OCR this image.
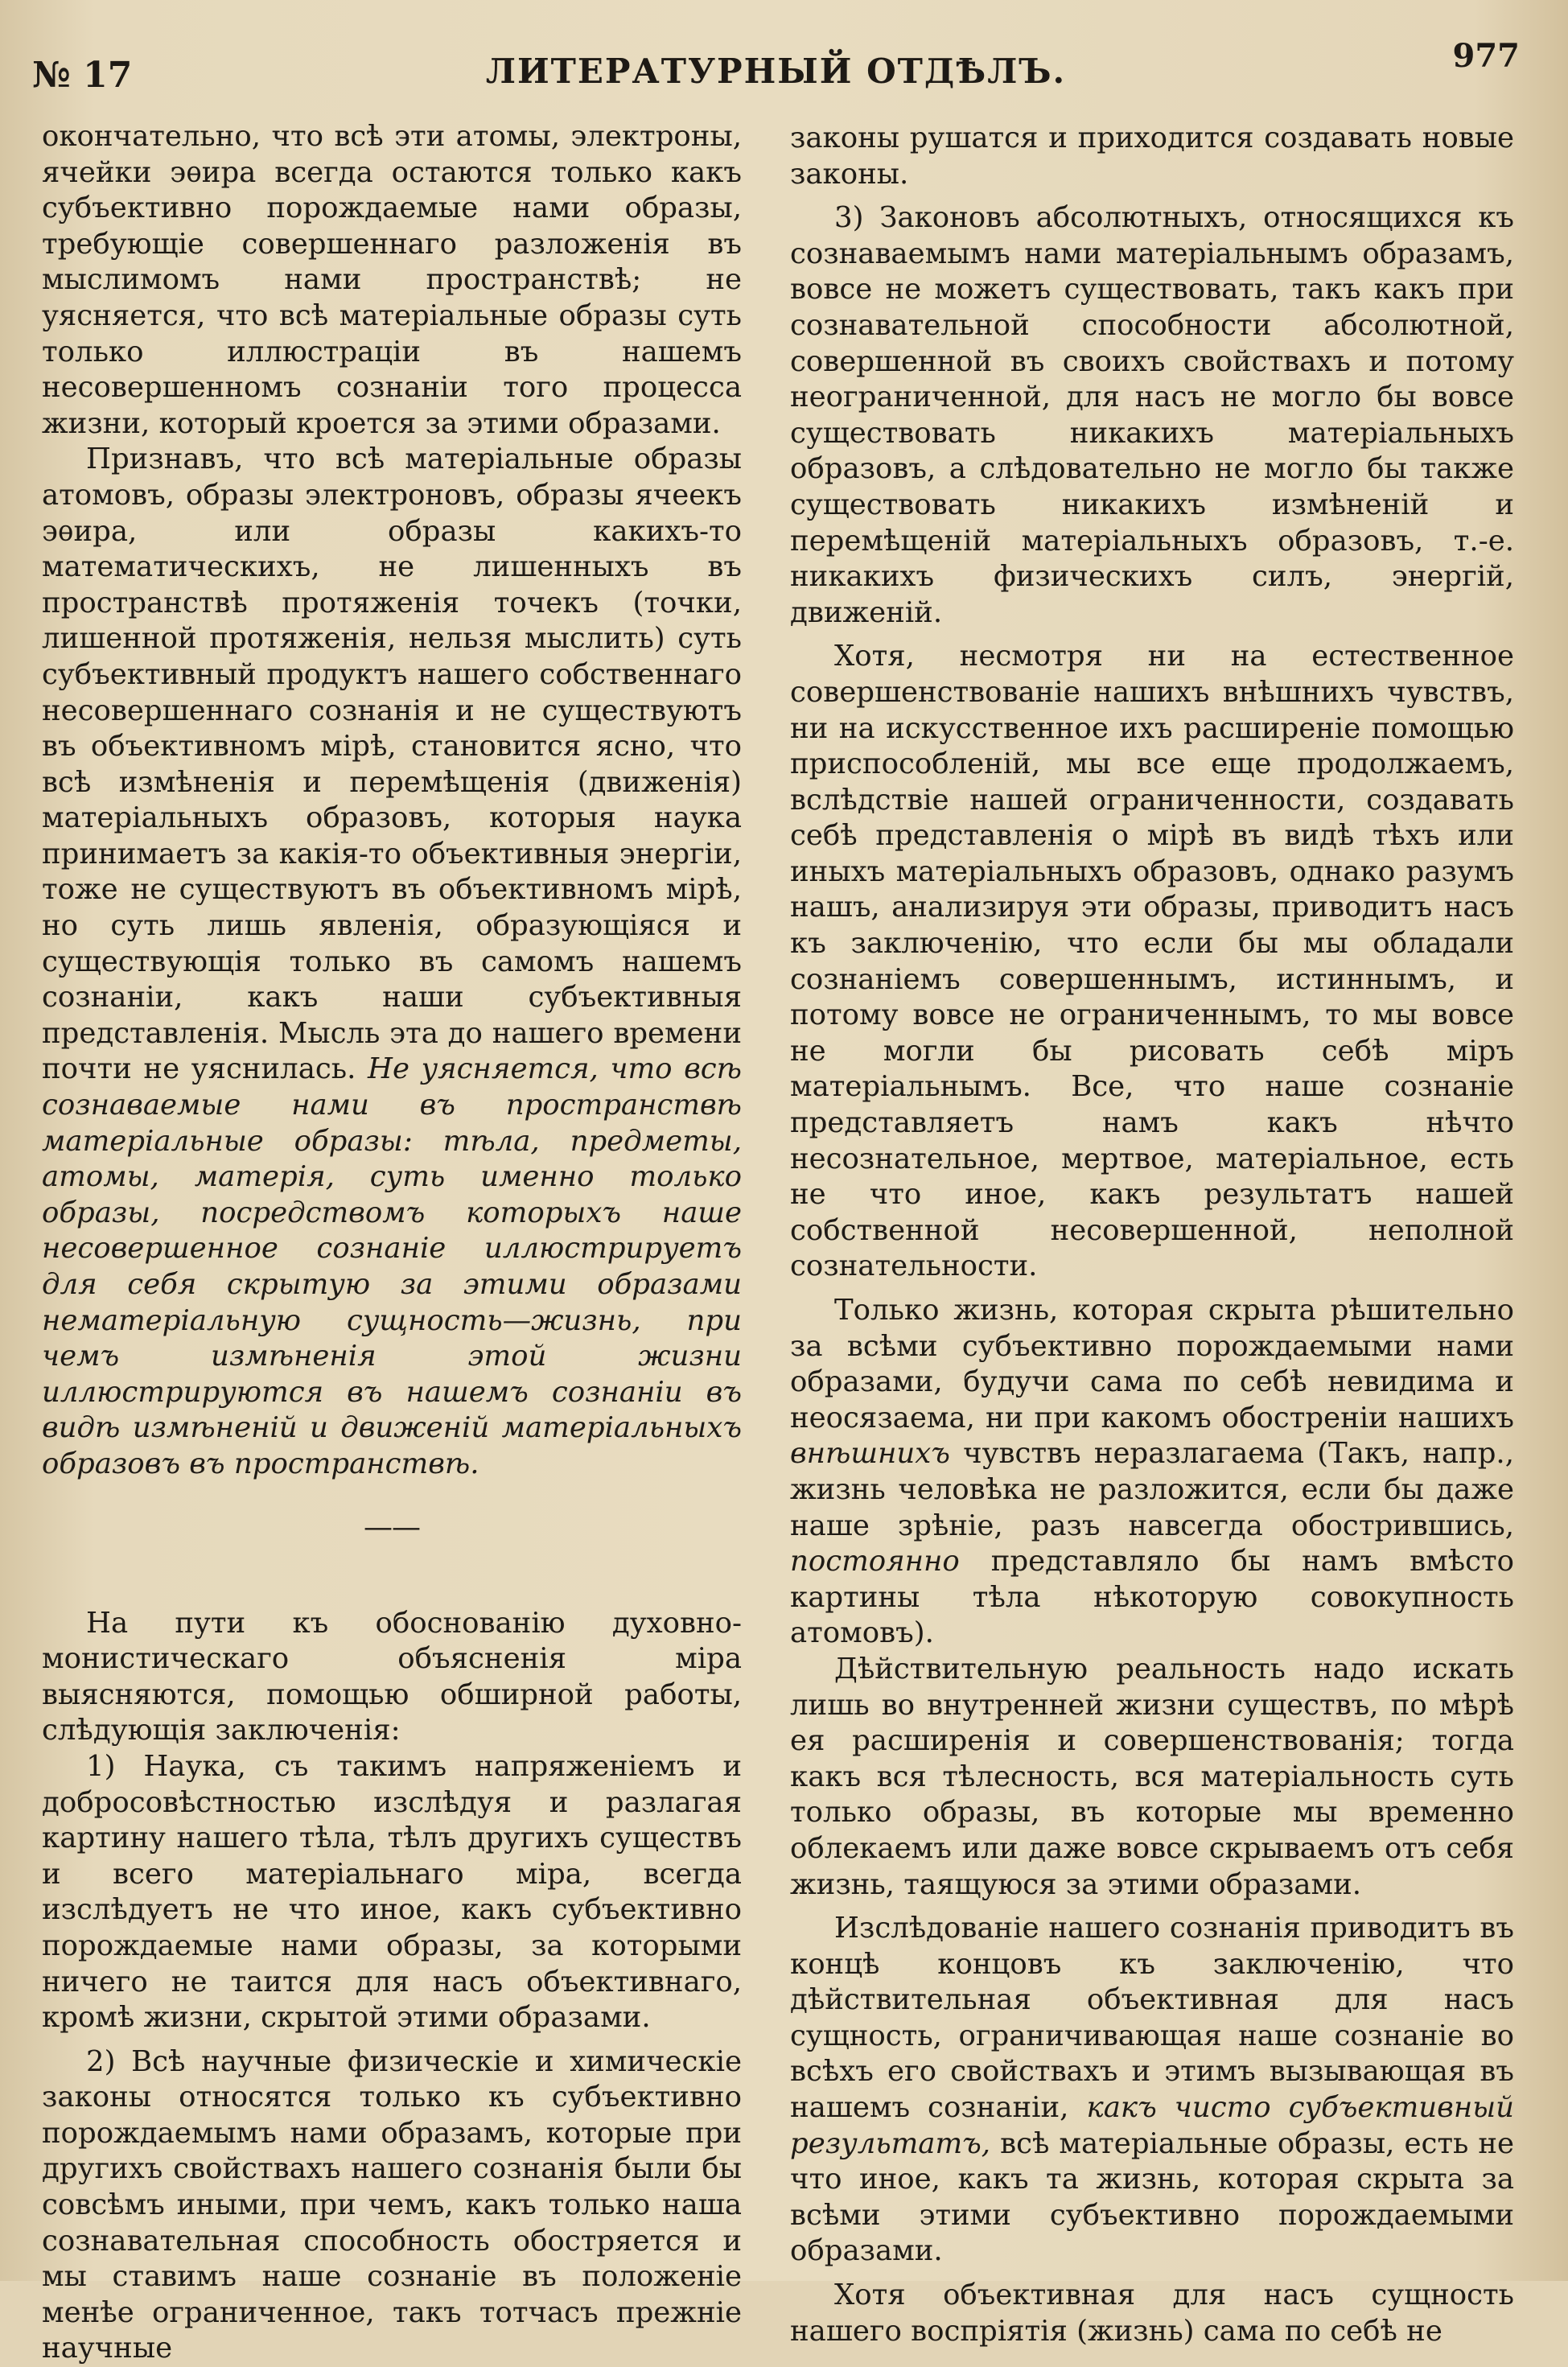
№ 17	ЛИТЕРАТУРНЫЙ ОТДѢЛЪ.	977

окончательно, что всѣ эти атомы, электроны, ячейки эѳира всегда остаются только какъ субъективно порождаемые нами образы, требующіе совершеннаго разложенія въ мыслимомъ нами пространствѣ; не уясняется, что всѣ матеріальные образы суть только иллюстраціи въ нашемъ несовершенномъ сознаніи того процесса жизни, который кроется за этими образами.

Признавъ, что всѣ матеріальные образы атомовъ, образы электроновъ, образы ячеекъ эѳира, или образы какихъ-то математическихъ, не лишенныхъ въ пространствѣ протяженія точекъ (точки, лишенной протяженія, нельзя мыслить) суть субъективный продуктъ нашего собственнаго несовершеннаго сознанія и не существуютъ въ объективномъ мірѣ, становится ясно, что всѣ измѣненія и перемѣщенія (движенія) матеріальныхъ образовъ, которыя наука принимаетъ за какія-то объективныя энергіи, тоже не существуютъ въ объективномъ мірѣ, но суть лишь явленія, образующіяся и существующія только въ самомъ нашемъ сознаніи, какъ наши субъективныя представленія. Мысль эта до нашего времени почти не уяснилась. Не уясняется, что всѣ сознаваемые нами въ пространствѣ матеріальные образы: тѣла, предметы, атомы, матерія, суть именно только образы, посредствомъ которыхъ наше несовершенное сознаніе иллюстрируетъ для себя скрытую за этими образами нематеріальную сущность—жизнь, при чемъ измѣненія этой жизни иллюстрируются въ нашемъ сознаніи въ видѣ измѣненій и движеній матеріальныхъ образовъ въ пространствѣ.

——

На пути къ обоснованію духовно-монистическаго объясненія міра выясняются, помощью обширной работы, слѣдующія заключенія:

1) Наука, съ такимъ напряженіемъ и добросовѣстностью изслѣдуя и разлагая картину нашего тѣла, тѣлъ другихъ существъ и всего матеріальнаго міра, всегда изслѣдуетъ не что иное, какъ субъективно порождаемые нами образы, за которыми ничего не таится для насъ объективнаго, кромѣ жизни, скрытой этими образами.

2) Всѣ научные физическіе и химическіе законы относятся только къ субъективно порождаемымъ нами образамъ, которые при другихъ свойствахъ нашего сознанія были бы совсѣмъ иными, при чемъ, какъ только наша сознавательная способность обостряется и мы ставимъ наше сознаніе въ положеніе менѣе ограниченное, такъ тотчасъ прежніе научные

законы рушатся и приходится создавать новые законы.

3) Законовъ абсолютныхъ, относящихся къ сознаваемымъ нами матеріальнымъ образамъ, вовсе не можетъ существовать, такъ какъ при сознавательной способности абсолютной, совершенной въ своихъ свойствахъ и потому неограниченной, для насъ не могло бы вовсе существовать никакихъ матеріальныхъ образовъ, а слѣдовательно не могло бы также существовать никакихъ измѣненій и перемѣщеній матеріальныхъ образовъ, т.-е. никакихъ физическихъ силъ, энергій, движеній.

Хотя, несмотря ни на естественное совершенствованіе нашихъ внѣшнихъ чувствъ, ни на искусственное ихъ расширеніе помощью приспособленій, мы все еще продолжаемъ, вслѣдствіе нашей ограниченности, создавать себѣ представленія о мірѣ въ видѣ тѣхъ или иныхъ матеріальныхъ образовъ, однако разумъ нашъ, анализируя эти образы, приводитъ насъ къ заключенію, что если бы мы обладали сознаніемъ совершеннымъ, истиннымъ, и потому вовсе не ограниченнымъ, то мы вовсе не могли бы рисовать себѣ міръ матеріальнымъ. Все, что наше сознаніе представляетъ намъ какъ нѣчто несознательное, мертвое, матеріальное, есть не что иное, какъ результатъ нашей собственной несовершенной, неполной сознательности.

Только жизнь, которая скрыта рѣшительно за всѣми субъективно порождаемыми нами образами, будучи сама по себѣ невидима и неосязаема, ни при какомъ обостреніи нашихъ внѣшнихъ чувствъ неразлагаема (Такъ, напр., жизнь человѣка не разложится, если бы даже наше зрѣніе, разъ навсегда обострившись, постоянно представляло бы намъ вмѣсто картины тѣла нѣкоторую совокупность атомовъ).

Дѣйствительную реальность надо искать лишь во внутренней жизни существъ, по мѣрѣ ея расширенія и совершенствованія; тогда какъ вся тѣлесность, вся матеріальность суть только образы, въ которые мы временно облекаемъ или даже вовсе скрываемъ отъ себя жизнь, таящуюся за этими образами.

Изслѣдованіе нашего сознанія приводитъ въ концѣ концовъ къ заключенію, что дѣйствительная объективная для насъ сущность, ограничивающая наше сознаніе во всѣхъ его свойствахъ и этимъ вызывающая въ нашемъ сознаніи, какъ чисто субъективный результатъ, всѣ матеріальные образы, есть не что иное, какъ та жизнь, которая скрыта за всѣми этими субъективно порождаемыми образами.

Хотя объективная для насъ сущность нашего воспріятія (жизнь) сама по себѣ не
